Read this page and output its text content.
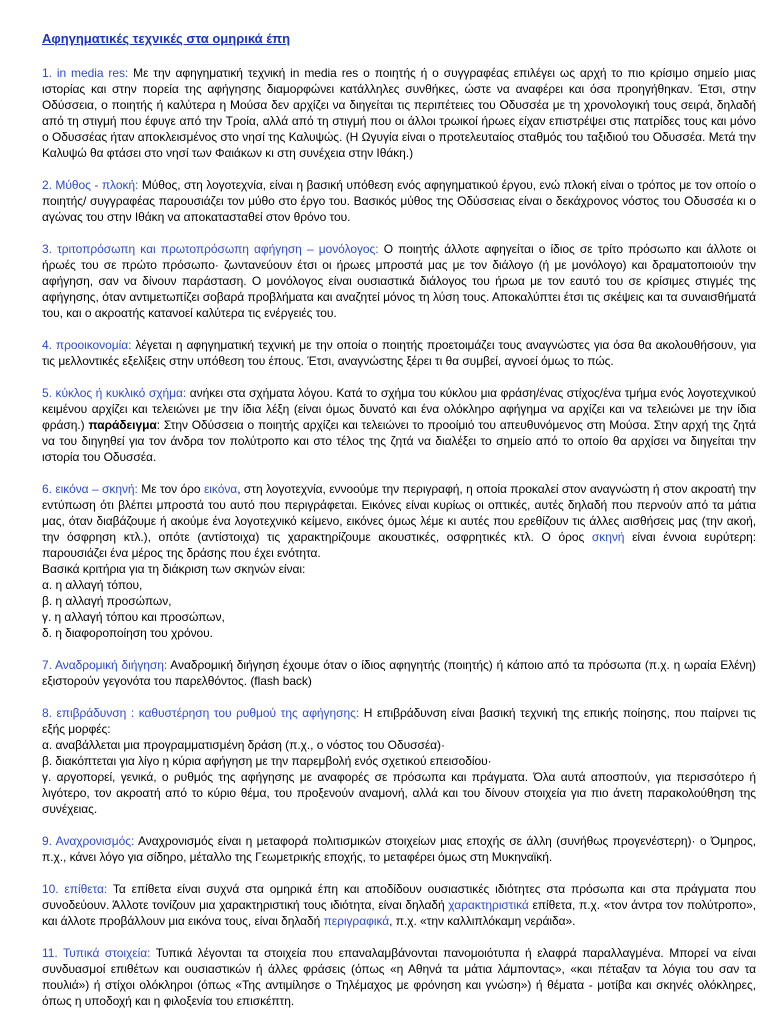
Αφηγηματικές τεχνικές στα ομηρικά έπη

1. in media res: Με την αφηγηματική τεχνική in media res ο ποιητής ή ο συγγραφέας επιλέγει ως αρχή το πιο κρίσιμο σημείο μιας ιστορίας και στην πορεία της αφήγησης διαμορφώνει κατάλληλες συνθήκες, ώστε να αναφέρει και όσα προηγήθηκαν. Έτσι, στην Οδύσσεια, ο ποιητής ή καλύτερα η Μούσα δεν αρχίζει να διηγείται τις περιπέτειες του Οδυσσέα με τη χρονολογική τους σειρά, δηλαδή από τη στιγμή που έφυγε από την Τροία, αλλά από τη στιγμή που οι άλλοι τρωικοί ήρωες είχαν επιστρέψει στις πατρίδες τους και μόνο ο Οδυσσέας ήταν αποκλεισμένος στο νησί της Καλυψώς. (Η Ωγυγία είναι ο προτελευταίος σταθμός του ταξιδιού του Οδυσσέα. Μετά την Καλυψώ θα φτάσει στο νησί των Φαιάκων κι στη συνέχεια στην Ιθάκη.)

2. Μύθος - πλοκή: Μύθος, στη λογοτεχνία, είναι η βασική υπόθεση ενός αφηγηματικού έργου, ενώ πλοκή είναι ο τρόπος με τον οποίο ο ποιητής/ συγγραφέας παρουσιάζει τον μύθο στο έργο του. Βασικός μύθος της Οδύσσειας είναι ο δεκάχρονος νόστος του Οδυσσέα κι ο αγώνας του στην Ιθάκη να αποκατασταθεί στον θρόνο του.

3. τριτοπρόσωπη και πρωτοπρόσωπη αφήγηση – μονόλογος: Ο ποιητής άλλοτε αφηγείται ο ίδιος σε τρίτο πρόσωπο και άλλοτε οι ήρωές του σε πρώτο πρόσωπο· ζωντανεύουν έτσι οι ήρωες μπροστά μας με τον διάλογο (ή με μονόλογο) και δραματοποιούν την αφήγηση, σαν να δίνουν παράσταση. Ο μονόλογος είναι ουσιαστικά διάλογος του ήρωα με τον εαυτό του σε κρίσιμες στιγμές της αφήγησης, όταν αντιμετωπίζει σοβαρά προβλήματα και αναζητεί μόνος τη λύση τους. Αποκαλύπτει έτσι τις σκέψεις και τα συναισθήματά του, και ο ακροατής κατανοεί καλύτερα τις ενέργειές του.

4. προοικονομία: λέγεται η αφηγηματική τεχνική με την οποία ο ποιητής προετοιμάζει τους αναγνώστες για όσα θα ακολουθήσουν, για τις μελλοντικές εξελίξεις στην υπόθεση του έπους. Έτσι, αναγνώστης ξέρει τι θα συμβεί, αγνοεί όμως το πώς.

5. κύκλος ή κυκλικό σχήμα: ανήκει στα σχήματα λόγου. Κατά το σχήμα του κύκλου μια φράση/ένας στίχος/ένα τμήμα ενός λογοτεχνικού κειμένου αρχίζει και τελειώνει με την ίδια λέξη (είναι όμως δυνατό και ένα ολόκληρο αφήγημα να αρχίζει και να τελειώνει με την ίδια φράση.) παράδειγμα: Στην Οδύσσεια ο ποιητής αρχίζει και τελειώνει το προοίμιό του απευθυνόμενος στη Μούσα. Στην αρχή της ζητά να του διηγηθεί για τον άνδρα τον πολύτροπο και στο τέλος της ζητά να διαλέξει το σημείο από το οποίο θα αρχίσει να διηγείται την ιστορία του Οδυσσέα.

6. εικόνα – σκηνή: Με τον όρο εικόνα, στη λογοτεχνία, εννοούμε την περιγραφή, η οποία προκαλεί στον αναγνώστη ή στον ακροατή την εντύπωση ότι βλέπει μπροστά του αυτό που περιγράφεται. Εικόνες είναι κυρίως οι οπτικές, αυτές δηλαδή που περνούν από τα μάτια μας, όταν διαβάζουμε ή ακούμε ένα λογοτεχνικό κείμενο, εικόνες όμως λέμε κι αυτές που ερεθίζουν τις άλλες αισθήσεις μας (την ακοή, την όσφρηση κτλ.), οπότε (αντίστοιχα) τις χαρακτηρίζουμε ακουστικές, οσφρητικές κτλ. Ο όρος σκηνή είναι έννοια ευρύτερη: παρουσιάζει ένα μέρος της δράσης που έχει ενότητα.
Βασικά κριτήρια για τη διάκριση των σκηνών είναι:
α. η αλλαγή τόπου,
β. η αλλαγή προσώπων,
γ. η αλλαγή τόπου και προσώπων,
δ. η διαφοροποίηση του χρόνου.

7. Αναδρομική διήγηση: Αναδρομική διήγηση έχουμε όταν ο ίδιος αφηγητής (ποιητής) ή κάποιο από τα πρόσωπα (π.χ. η ωραία Ελένη) εξιστορούν γεγονότα του παρελθόντος. (flash back)

8. επιβράδυνση : καθυστέρηση του ρυθμού της αφήγησης: Η επιβράδυνση είναι βασική τεχνική της επικής ποίησης, που παίρνει τις εξής μορφές:
α. αναβάλλεται μια προγραμματισμένη δράση (π.χ., ο νόστος του Οδυσσέα)·
β. διακόπτεται για λίγο η κύρια αφήγηση με την παρεμβολή ενός σχετικού επεισοδίου·
γ. αργοπορεί, γενικά, ο ρυθμός της αφήγησης με αναφορές σε πρόσωπα και πράγματα. Όλα αυτά αποσπούν, για περισσότερο ή λιγότερο, τον ακροατή από το κύριο θέμα, του προξενούν αναμονή, αλλά και του δίνουν στοιχεία για πιο άνετη παρακολούθηση της συνέχειας.

9. Αναχρονισμός: Αναχρονισμός είναι η μεταφορά πολιτισμικών στοιχείων μιας εποχής σε άλλη (συνήθως προγενέστερη)· ο Όμηρος, π.χ., κάνει λόγο για σίδηρο, μέταλλο της Γεωμετρικής εποχής, το μεταφέρει όμως στη Μυκηναϊκή.

10. επίθετα: Τα επίθετα είναι συχνά στα ομηρικά έπη και αποδίδουν ουσιαστικές ιδιότητες στα πρόσωπα και στα πράγματα που συνοδεύουν. Άλλοτε τονίζουν μια χαρακτηριστική τους ιδιότητα, είναι δηλαδή χαρακτηριστικά επίθετα, π.χ. «τον άντρα τον πολύτροπο», και άλλοτε προβάλλουν μια εικόνα τους, είναι δηλαδή περιγραφικά, π.χ. «την καλλιπλόκαμη νεράιδα».

11. Τυπικά στοιχεία: Τυπικά λέγονται τα στοιχεία που επαναλαμβάνονται πανομοιότυπα ή ελαφρά παραλλαγμένα. Μπορεί να είναι συνδυασμοί επιθέτων και ουσιαστικών ή άλλες φράσεις (όπως «η Αθηνά τα μάτια λάμποντας», «και πέταξαν τα λόγια του σαν τα πουλιά») ή στίχοι ολόκληροι (όπως «Της αντιμίλησε ο Τηλέμαχος με φρόνηση και γνώση») ή θέματα - μοτίβα και σκηνές ολόκληρες, όπως η υποδοχή και η φιλοξενία του επισκέπτη.
